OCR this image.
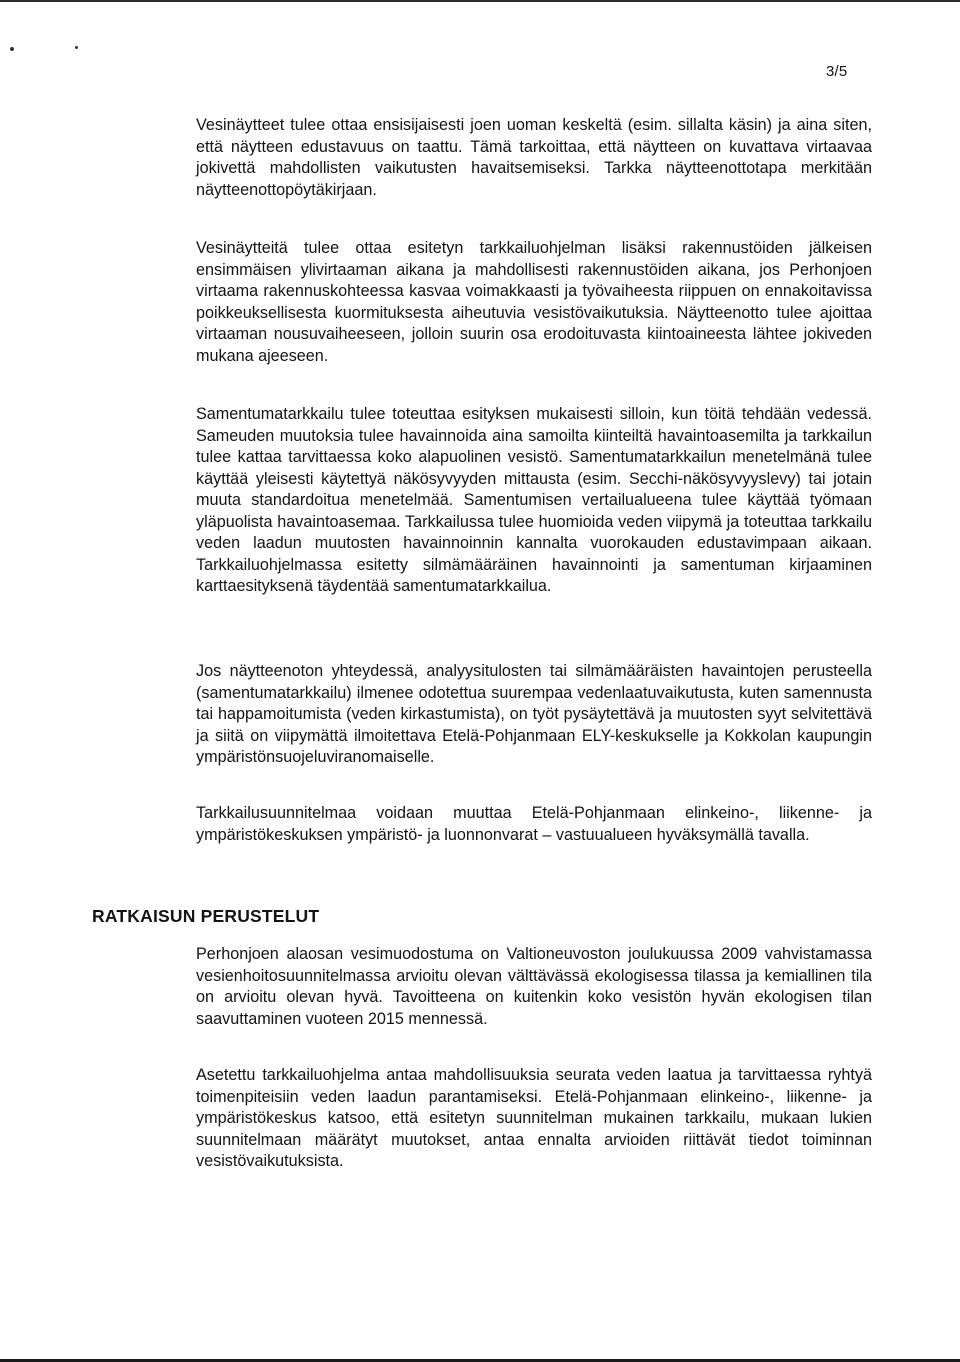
3/5

Vesinäytteet tulee ottaa ensisijaisesti joen uoman keskeltä (esim. sillalta käsin) ja aina siten, että näytteen edustavuus on taattu. Tämä tarkoittaa, että näytteen on kuvattava virtaavaa jokivettä mahdollisten vaikutusten havaitsemiseksi. Tarkka näytteenottotapa merkitään näytteenottopöytäkirjaan.

Vesinäytteitä tulee ottaa esitetyn tarkkailuohjelman lisäksi rakennustöiden jälkeisen ensimmäisen ylivirtaaman aikana ja mahdollisesti rakennustöiden aikana, jos Perhonjoen virtaama rakennuskohteessa kasvaa voimakkaasti ja työvaiheesta riippuen on ennakoitavissa poikkeuksellisesta kuormituksesta aiheutuvia vesistövaikutuksia. Näytteenotto tulee ajoittaa virtaaman nousuvaiheeseen, jolloin suurin osa erodoituvasta kiintoaineesta lähtee jokiveden mukana ajeeseen.

Samentumatarkkailu tulee toteuttaa esityksen mukaisesti silloin, kun töitä tehdään vedessä. Sameuden muutoksia tulee havainnoida aina samoilta kiinteiltä havaintoasemilta ja tarkkailun tulee kattaa tarvittaessa koko alapuolinen vesistö. Samentumatarkkailun menetelmänä tulee käyttää yleisesti käytettyä näkösyvyyden mittausta (esim. Secchi-näkösyvyyslevy) tai jotain muuta standardoitua menetelmää. Samentumisen vertailualueena tulee käyttää työmaan yläpuolista havaintoasemaa. Tarkkailussa tulee huomioida veden viipymä ja toteuttaa tarkkailu veden laadun muutosten havainnoinnin kannalta vuorokauden edustavimpaan aikaan. Tarkkailuohjelmassa esitetty silmämääräinen havainnointi ja samentuman kirjaaminen karttaesityksenä täydentää samentumatarkkailua.

Jos näytteenoton yhteydessä, analyysitulosten tai silmämääräisten havaintojen perusteella (samentumatarkkailu) ilmenee odotettua suurempaa vedenlaatuvaikutusta, kuten samennusta tai happamoitumista (veden kirkastumista), on työt pysäytettävä ja muutosten syyt selvitettävä ja siitä on viipymättä ilmoitettava Etelä-Pohjanmaan ELY-keskukselle ja Kokkolan kaupungin ympäristönsuojeluviranomaiselle.

Tarkkailusuunnitelmaa voidaan muuttaa Etelä-Pohjanmaan elinkeino-, liikenne- ja ympäristökeskuksen ympäristö- ja luonnonvarat – vastuualueen hyväksymällä tavalla.

RATKAISUN PERUSTELUT

Perhonjoen alaosan vesimuodostuma on Valtioneuvoston joulukuussa 2009 vahvistamassa vesienhoitosuunnitelmassa arvioitu olevan välttävässä ekologisessa tilassa ja kemiallinen tila on arvioitu olevan hyvä. Tavoitteena on kuitenkin koko vesistön hyvän ekologisen tilan saavuttaminen vuoteen 2015 mennessä.

Asetettu tarkkailuohjelma antaa mahdollisuuksia seurata veden laatua ja tarvittaessa ryhtyä toimenpiteisiin veden laadun parantamiseksi. Etelä-Pohjanmaan elinkeino-, liikenne- ja ympäristökeskus katsoo, että esitetyn suunnitelman mukainen tarkkailu, mukaan lukien suunnitelmaan määrätyt muutokset, antaa ennalta arvioiden riittävät tiedot toiminnan vesistövaikutuksista.
